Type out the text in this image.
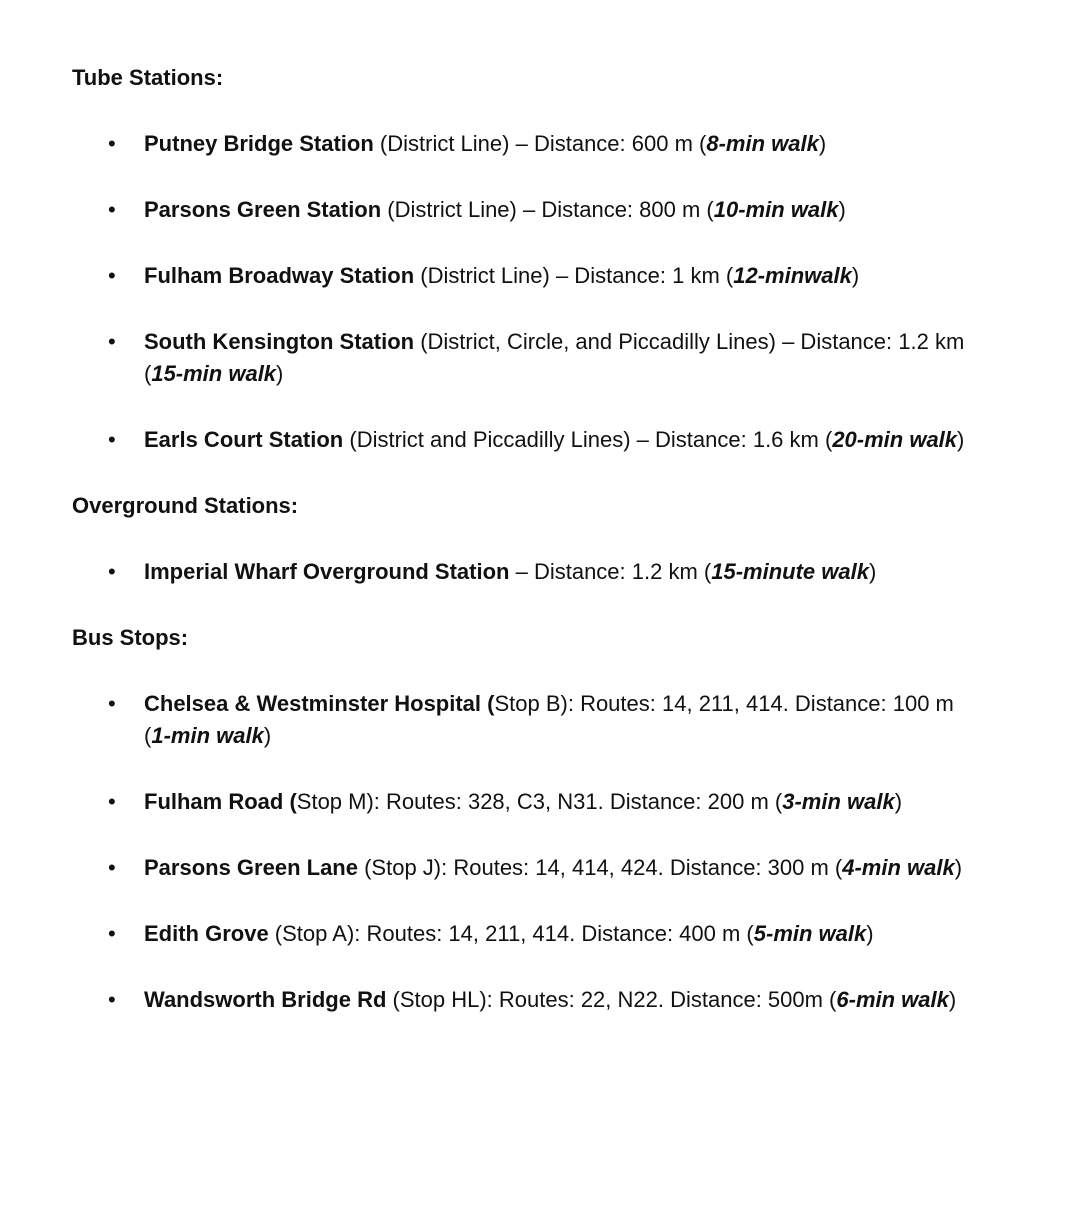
Tube Stations:
• Putney Bridge Station (District Line) – Distance: 600 m (8-min walk)
• Parsons Green Station (District Line) – Distance: 800 m (10-min walk)
• Fulham Broadway Station (District Line) – Distance: 1 km (12-minwalk)
• South Kensington Station (District, Circle, and Piccadilly Lines) – Distance: 1.2 km (15-min walk)
• Earls Court Station (District and Piccadilly Lines) – Distance: 1.6 km (20-min walk)
Overground Stations:
• Imperial Wharf Overground Station – Distance: 1.2 km (15-minute walk)
Bus Stops:
• Chelsea & Westminster Hospital (Stop B): Routes: 14, 211, 414. Distance: 100 m (1-min walk)
• Fulham Road (Stop M): Routes: 328, C3, N31. Distance: 200 m (3-min walk)
• Parsons Green Lane (Stop J): Routes: 14, 414, 424. Distance: 300 m (4-min walk)
• Edith Grove (Stop A): Routes: 14, 211, 414. Distance: 400 m (5-min walk)
• Wandsworth Bridge Rd (Stop HL): Routes: 22, N22. Distance: 500m (6-min walk)
